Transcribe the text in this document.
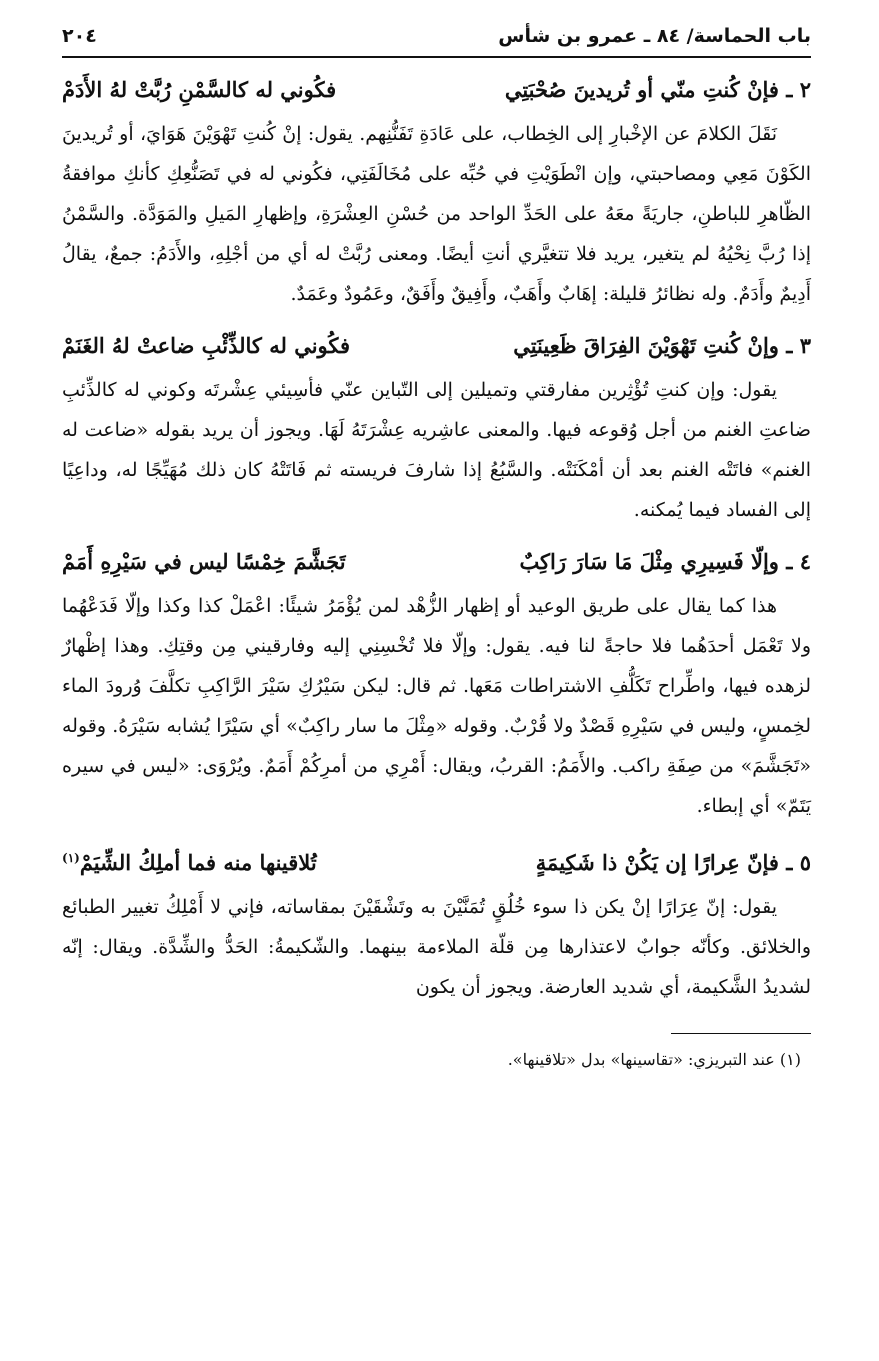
باب الحماسة/ ٨٤ ـ عمرو بن شأس
٢٠٤
٢ ـ فإنْ كُنتِ منّي أو تُريدينَ صُحْبَتِي
فكُوني له كالسَّمْنِ رُبَّتْ لهُ الأَدَمْ

نَقَلَ الكلامَ عن الإخْبارِ إلى الخِطاب، على عَادَةِ تَفَنُّنِهم. يقول: إنْ كُنتِ تَهْوَيْنَ هَوَايَ، أو تُريدينَ الكَوْنَ مَعِي ومصاحبتي، وإن انْطَوَيْتِ في حُبِّه على مُخَالَفَتِي، فكُوني له في تَصَنُّعِكِ كأنكِ موافقةُ الظّاهرِ للباطنِ، جاريَةً معَهُ على الحَدِّ الواحد من حُسْنِ العِشْرَةِ، وإظهارِ المَيلِ والمَوَدَّة. والسَّمْنُ إذا رُبَّ نِحْيُهُ لم يتغير، يريد فلا تتغيَّري أنتِ أيضًا. ومعنى رُبَّتْ له أي من أجْلِهِ، والأَدَمُ: جمعٌ، يقالُ أَدِيمٌ وأَدَمٌ. وله نظائرُ قليلة: إهَابٌ وأَهَبٌ، وأَفِيقٌ وأَفَقٌ، وعَمُودٌ وعَمَدٌ.

٣ ـ وإنْ كُنتِ تَهْوَيْنَ الفِرَاقَ ظَعِينَتِي
فكُوني له كالذِّئْبِ ضاعتْ لهُ الغَنَمْ

يقول: وإن كنتِ تُؤْثِرين مفارقتي وتميلين إلى التّباين عنّي فأسِيئي عِشْرتَه وكوني له كالذِّئبِ ضاعتِ الغنم من أجل وُقوعه فيها. والمعنى عاشِريه عِشْرَتَهُ لَهَا. ويجوز أن يريد بقوله «ضاعت له الغنم» فاتَتْه الغنم بعد أن أمْكَنَتْه. والسَّبُعُ إذا شارفَ فريسته ثم فَاتَتْهُ كان ذلك مُهَيِّجًا له، وداعِيًا إلى الفساد فيما يُمكنه.

٤ ـ وإلّا فَسِيرِي مِثْلَ مَا سَارَ رَاكِبٌ
تَجَشَّمَ خِمْسًا ليس في سَيْرِهِ أَمَمْ

هذا كما يقال على طريق الوعيد أو إظهار الزُّهْد لمن يُؤْمَرُ شيئًا: اعْمَلْ كذا وكذا وإلّا فَدَعْهُما ولا تَعْمَل أحدَهُما فلا حاجةً لنا فيه. يقول: وإلّا فلا تُخْسِنِي إليه وفارقيني مِن وقتِكِ. وهذا إظْهارٌ لزهده فيها، واطِّراح تَكَلُّفِ الاشتراطات مَعَها. ثم قال: ليكن سَيْرُكِ سَيْرَ الرَّاكِبِ تكلَّفَ وُرودَ الماء لخِمسٍ، وليس في سَيْرِهِ قَصْدٌ ولا قُرْبٌ. وقوله «مِثْلَ ما سار راكِبٌ» أي سَيْرًا يُشابه سَيْرَهُ. وقوله «تَجَشَّمَ» من صِفَةِ راكب. والأَمَمُ: القربُ، ويقال: أَمْرِي من أمرِكُمْ أَمَمٌ. ويُرْوَى: «ليس في سيره يَتَمّ» أي إبطاء.

٥ ـ فإنّ عِرارًا إن يَكُنْ ذا شَكِيمَةٍ
تُلاقينها منه فما أملِكُ الشِّيَمْ$^{(١)}$

يقول: إنّ عِرَارًا إنْ يكن ذا سوء خُلُقٍ تُمَنَّيْنَ به وتَشْقَيْنَ بمقاساته، فإني لا أَمْلِكُ تغيير الطبائع والخلائق. وكأنّه جوابٌ لاعتذارها مِن قلّة الملاءمة بينهما. والشّكيمةُ: الحَدُّ والشِّدَّة. ويقال: إنّه لشديدُ الشَّكيمة، أي شديد العارضة. ويجوز أن يكون

(١) عند التبريزي: «تقاسينها» بدل «تلاقينها».
